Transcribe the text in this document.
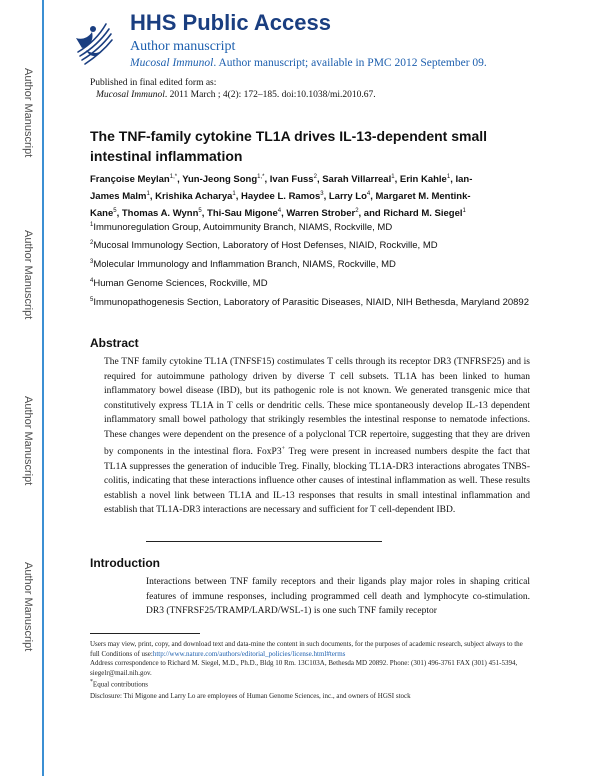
Author Manuscript
Author Manuscript
Author Manuscript
Author Manuscript
HHS Public Access
Author manuscript
Mucosal Immunol. Author manuscript; available in PMC 2012 September 09.
Published in final edited form as:
Mucosal Immunol. 2011 March ; 4(2): 172–185. doi:10.1038/mi.2010.67.
The TNF-family cytokine TL1A drives IL-13-dependent small intestinal inflammation
Françoise Meylan$^{1,*}$, Yun-Jeong Song$^{1,*}$, Ivan Fuss$^2$, Sarah Villarreal$^1$, Erin Kahle$^1$, Ian-James Malm$^1$, Krishika Acharya$^1$, Haydee L. Ramos$^3$, Larry Lo$^4$, Margaret M. Mentink-Kane$^5$, Thomas A. Wynn$^5$, Thi-Sau Migone$^4$, Warren Strober$^2$, and Richard M. Siegel$^1$
$^1$Immunoregulation Group, Autoimmunity Branch, NIAMS, Rockville, MD
$^2$Mucosal Immunology Section, Laboratory of Host Defenses, NIAID, Rockville, MD
$^3$Molecular Immunology and Inflammation Branch, NIAMS, Rockville, MD
$^4$Human Genome Sciences, Rockville, MD
$^5$Immunopathogenesis Section, Laboratory of Parasitic Diseases, NIAID, NIH Bethesda, Maryland 20892
Abstract
The TNF family cytokine TL1A (TNFSF15) costimulates T cells through its receptor DR3 (TNFRSF25) and is required for autoimmune pathology driven by diverse T cell subsets. TL1A has been linked to human inflammatory bowel disease (IBD), but its pathogenic role is not known. We generated transgenic mice that constitutively express TL1A in T cells or dendritic cells. These mice spontaneously develop IL-13 dependent inflammatory small bowel pathology that strikingly resembles the intestinal response to nematode infections. These changes were dependent on the presence of a polyclonal TCR repertoire, suggesting that they are driven by components in the intestinal flora. FoxP3+ Treg were present in increased numbers despite the fact that TL1A suppresses the generation of inducible Treg. Finally, blocking TL1A-DR3 interactions abrogates TNBS-colitis, indicating that these interactions influence other causes of intestinal inflammation as well. These results establish a novel link between TL1A and IL-13 responses that results in small intestinal inflammation and establish that TL1A-DR3 interactions are necessary and sufficient for T cell-dependent IBD.
Introduction
Interactions between TNF family receptors and their ligands play major roles in shaping critical features of immune responses, including programmed cell death and lymphocyte co-stimulation. DR3 (TNFRSF25/TRAMP/LARD/WSL-1) is one such TNF family receptor
Users may view, print, copy, and download text and data-mine the content in such documents, for the purposes of academic research, subject always to the full Conditions of use:http://www.nature.com/authors/editorial_policies/license.html#terms
Address correspondence to Richard M. Siegel, M.D., Ph.D., Bldg 10 Rm. 13C103A, Bethesda MD 20892. Phone: (301) 496-3761 FAX (301) 451-5394, siegelr@mail.nih.gov.
*Equal contributions
Disclosure: Thi Migone and Larry Lo are employees of Human Genome Sciences, inc., and owners of HGSI stock
